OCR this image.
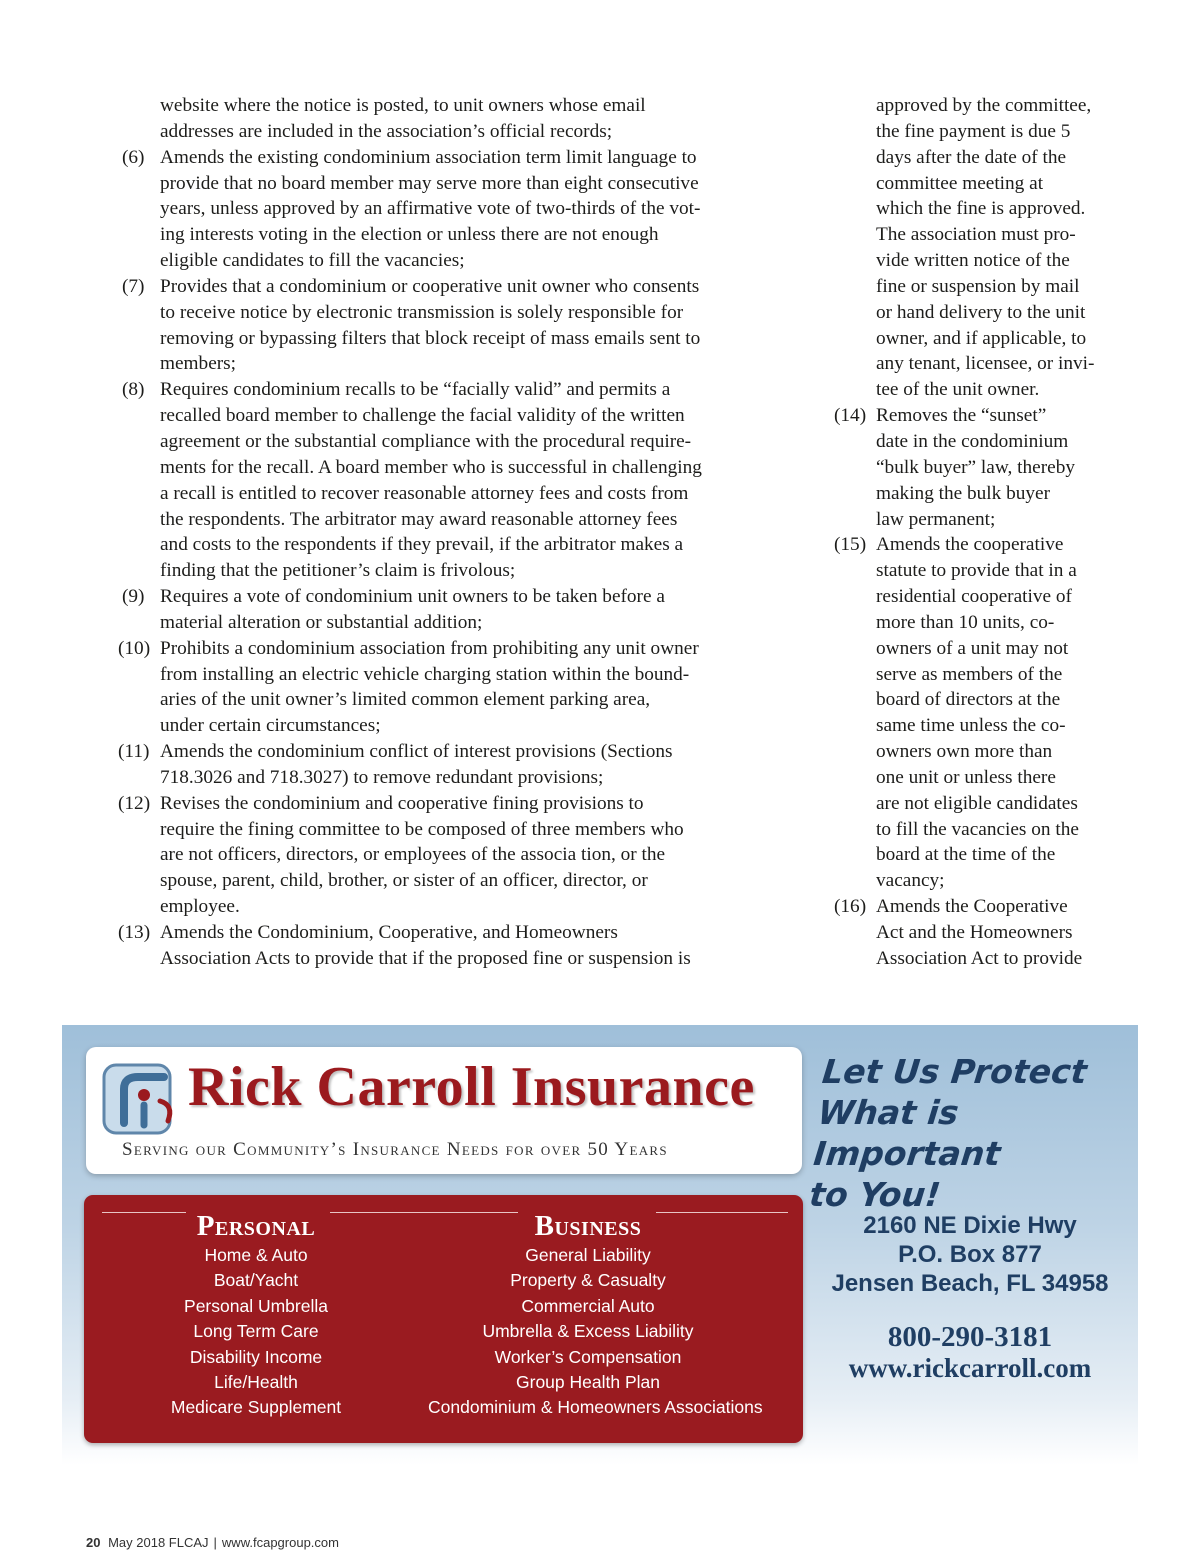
website where the notice is posted, to unit owners whose email
addresses are included in the association’s official records;
(6) Amends the existing condominium association term limit language to
provide that no board member may serve more than eight consecutive
years, unless approved by an affirmative vote of two-thirds of the vot-
ing interests voting in the election or unless there are not enough
eligible candidates to fill the vacancies;
(7) Provides that a condominium or cooperative unit owner who consents
to receive notice by electronic transmission is solely responsible for
removing or bypassing filters that block receipt of mass emails sent to
members;
(8) Requires condominium recalls to be “facially valid” and permits a
recalled board member to challenge the facial validity of the written
agreement or the substantial compliance with the procedural require-
ments for the recall. A board member who is successful in challenging
a recall is entitled to recover reasonable attorney fees and costs from
the respondents. The arbitrator may award reasonable attorney fees
and costs to the respondents if they prevail, if the arbitrator makes a
finding that the petitioner’s claim is frivolous;
(9) Requires a vote of condominium unit owners to be taken before a
material alteration or substantial addition;
(10) Prohibits a condominium association from prohibiting any unit owner
from installing an electric vehicle charging station within the bound-
aries of the unit owner’s limited common element parking area,
under certain circumstances;
(11) Amends the condominium conflict of interest provisions (Sections
718.3026 and 718.3027) to remove redundant provisions;
(12) Revises the condominium and cooperative fining provisions to
require the fining committee to be composed of three members who
are not officers, directors, or employees of the associa tion, or the
spouse, parent, child, brother, or sister of an officer, director, or
employee.
(13) Amends the Condominium, Cooperative, and Homeowners
Association Acts to provide that if the proposed fine or suspension is
approved by the committee,
the fine payment is due 5
days after the date of the
committee meeting at
which the fine is approved.
The association must pro-
vide written notice of the
fine or suspension by mail
or hand delivery to the unit
owner, and if applicable, to
any tenant, licensee, or invi-
tee of the unit owner.
(14) Removes the “sunset”
date in the condominium
“bulk buyer” law, thereby
making the bulk buyer
law permanent;
(15) Amends the cooperative
statute to provide that in a
residential cooperative of
more than 10 units, co-
owners of a unit may not
serve as members of the
board of directors at the
same time unless the co-
owners own more than
one unit or unless there
are not eligible candidates
to fill the vacancies on the
board at the time of the
vacancy;
(16) Amends the Cooperative
Act and the Homeowners
Association Act to provide
Rick Carroll Insurance
Serving our Community’s Insurance Needs for over 50 Years
Let Us Protect
What is Important
to You!
Personal
Home & Auto
Boat/Yacht
Personal Umbrella
Long Term Care
Disability Income
Life/Health
Medicare Supplement
Business
General Liability
Property & Casualty
Commercial Auto
Umbrella & Excess Liability
Worker’s Compensation
Group Health Plan
Condominium & Homeowners Associations
2160 NE Dixie Hwy
P.O. Box 877
Jensen Beach, FL 34958
800-290-3181
www.rickcarroll.com
20 May 2018 FLCAJ | www.fcapgroup.com
